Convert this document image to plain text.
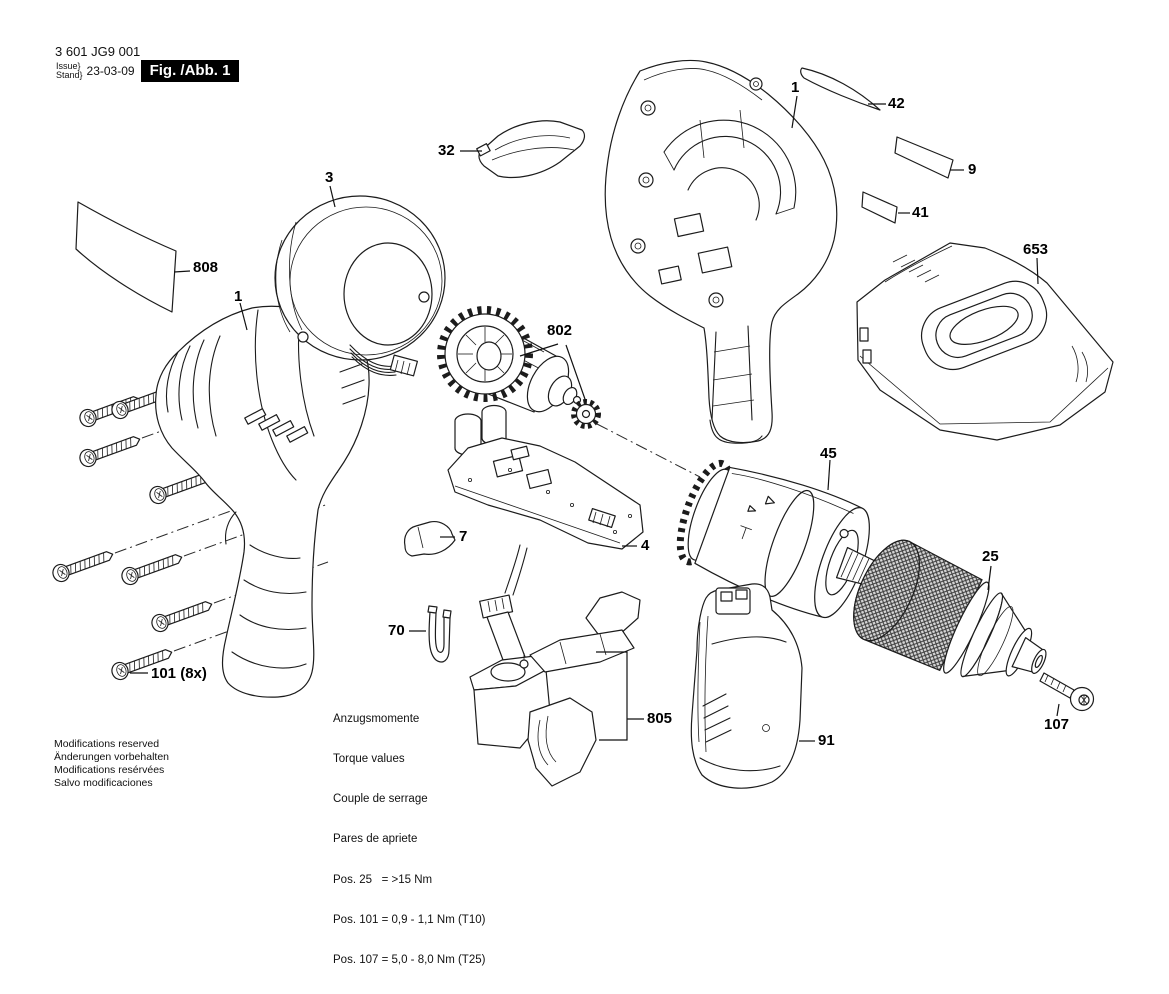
3 601 JG9 001
Issue}
Stand} 23-03-09	Fig. /Abb. 1
808
1
3
32
802
42
9
41
1
653
45
25
7
4
70
101 (8x)
805
91
107

Anzugsmomente

Torque values

Couple de serrage

Pares de apriete

Pos. 25   = >15 Nm

Pos. 101 = 0,9 - 1,1 Nm (T10)

Pos. 107 = 5,0 - 8,0 Nm (T25)

Modifications reserved
Änderungen vorbehalten
Modifications resérvées
Salvo modificaciones
